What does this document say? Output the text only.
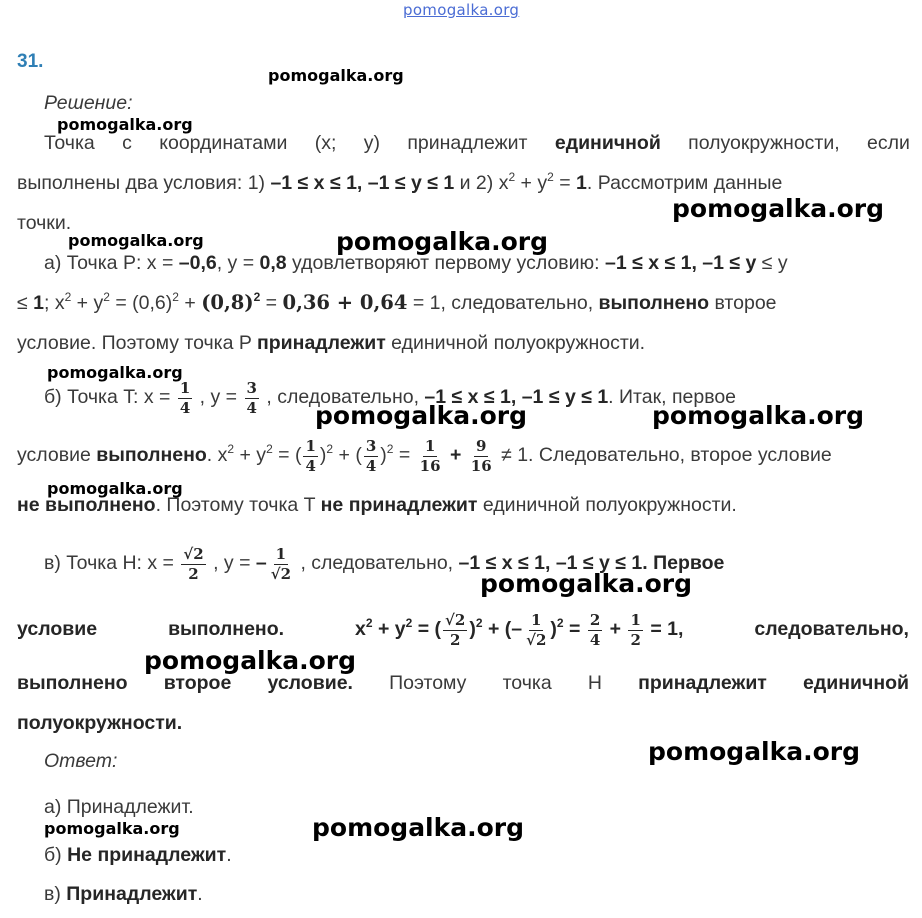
pomogalka.org
31.
Решение:
Точка с координатами (x; y) принадлежит единичной полуокружности, если
выполнены два условия: 1) –1 ≤ x ≤ 1, –1 ≤ y ≤ 1 и 2) $x^2 + y^2 = 1$. Рассмотрим данные
точки.
а) Точка P: x = –0,6, y = 0,8 удовлетворяют первому условию: –1 ≤ x ≤ 1, –1 ≤ y ≤ y
≤ 1; $x^2 + y^2 = (0,6)^2 + (0,8)^2 = 0,36 + 0,64 = 1$, следовательно, выполнено второе
условие. Поэтому точка P принадлежит единичной полуокружности.
б) Точка T: $x = \frac{1}{4}$ , $y = \frac{3}{4}$ , следовательно, –1 ≤ x ≤ 1, –1 ≤ y ≤ 1. Итак, первое
условие выполнено. $x^2 + y^2$ = ( $\frac{1}{4} )^2$ + ( $\frac{3}{4} )^2 = \frac{1}{16} + \frac{9}{16} \ne 1$. Следовательно, второе условие
не выполнено. Поэтому точка T не принадлежит единичной полуокружности.
в) Точка H: $x = \frac{√2}{2}$ , y = – $\frac{1}{√2}$ , следовательно, –1 ≤ x ≤ 1, –1 ≤ y ≤ 1. Первое
условие	выполнено.	$x^2 + y^2$ = ( $\frac{√2}{2} )^2$ + (– $\frac{1}{√2} )^2 = \frac{2}{4} + \frac{1}{2} = 1$,	следовательно,
выполнено второе условие. Поэтому точка H принадлежит единичной
полуокружности.
Ответ:
а) Принадлежит.
б) Не принадлежит.
в) Принадлежит.
pomogalka.org
pomogalka.org
pomogalka.org
pomogalka.org	pomogalka.org
pomogalka.org
pomogalka.org	pomogalka.org
pomogalka.org
pomogalka.org
pomogalka.org
pomogalka.org
pomogalka.org	pomogalka.org
